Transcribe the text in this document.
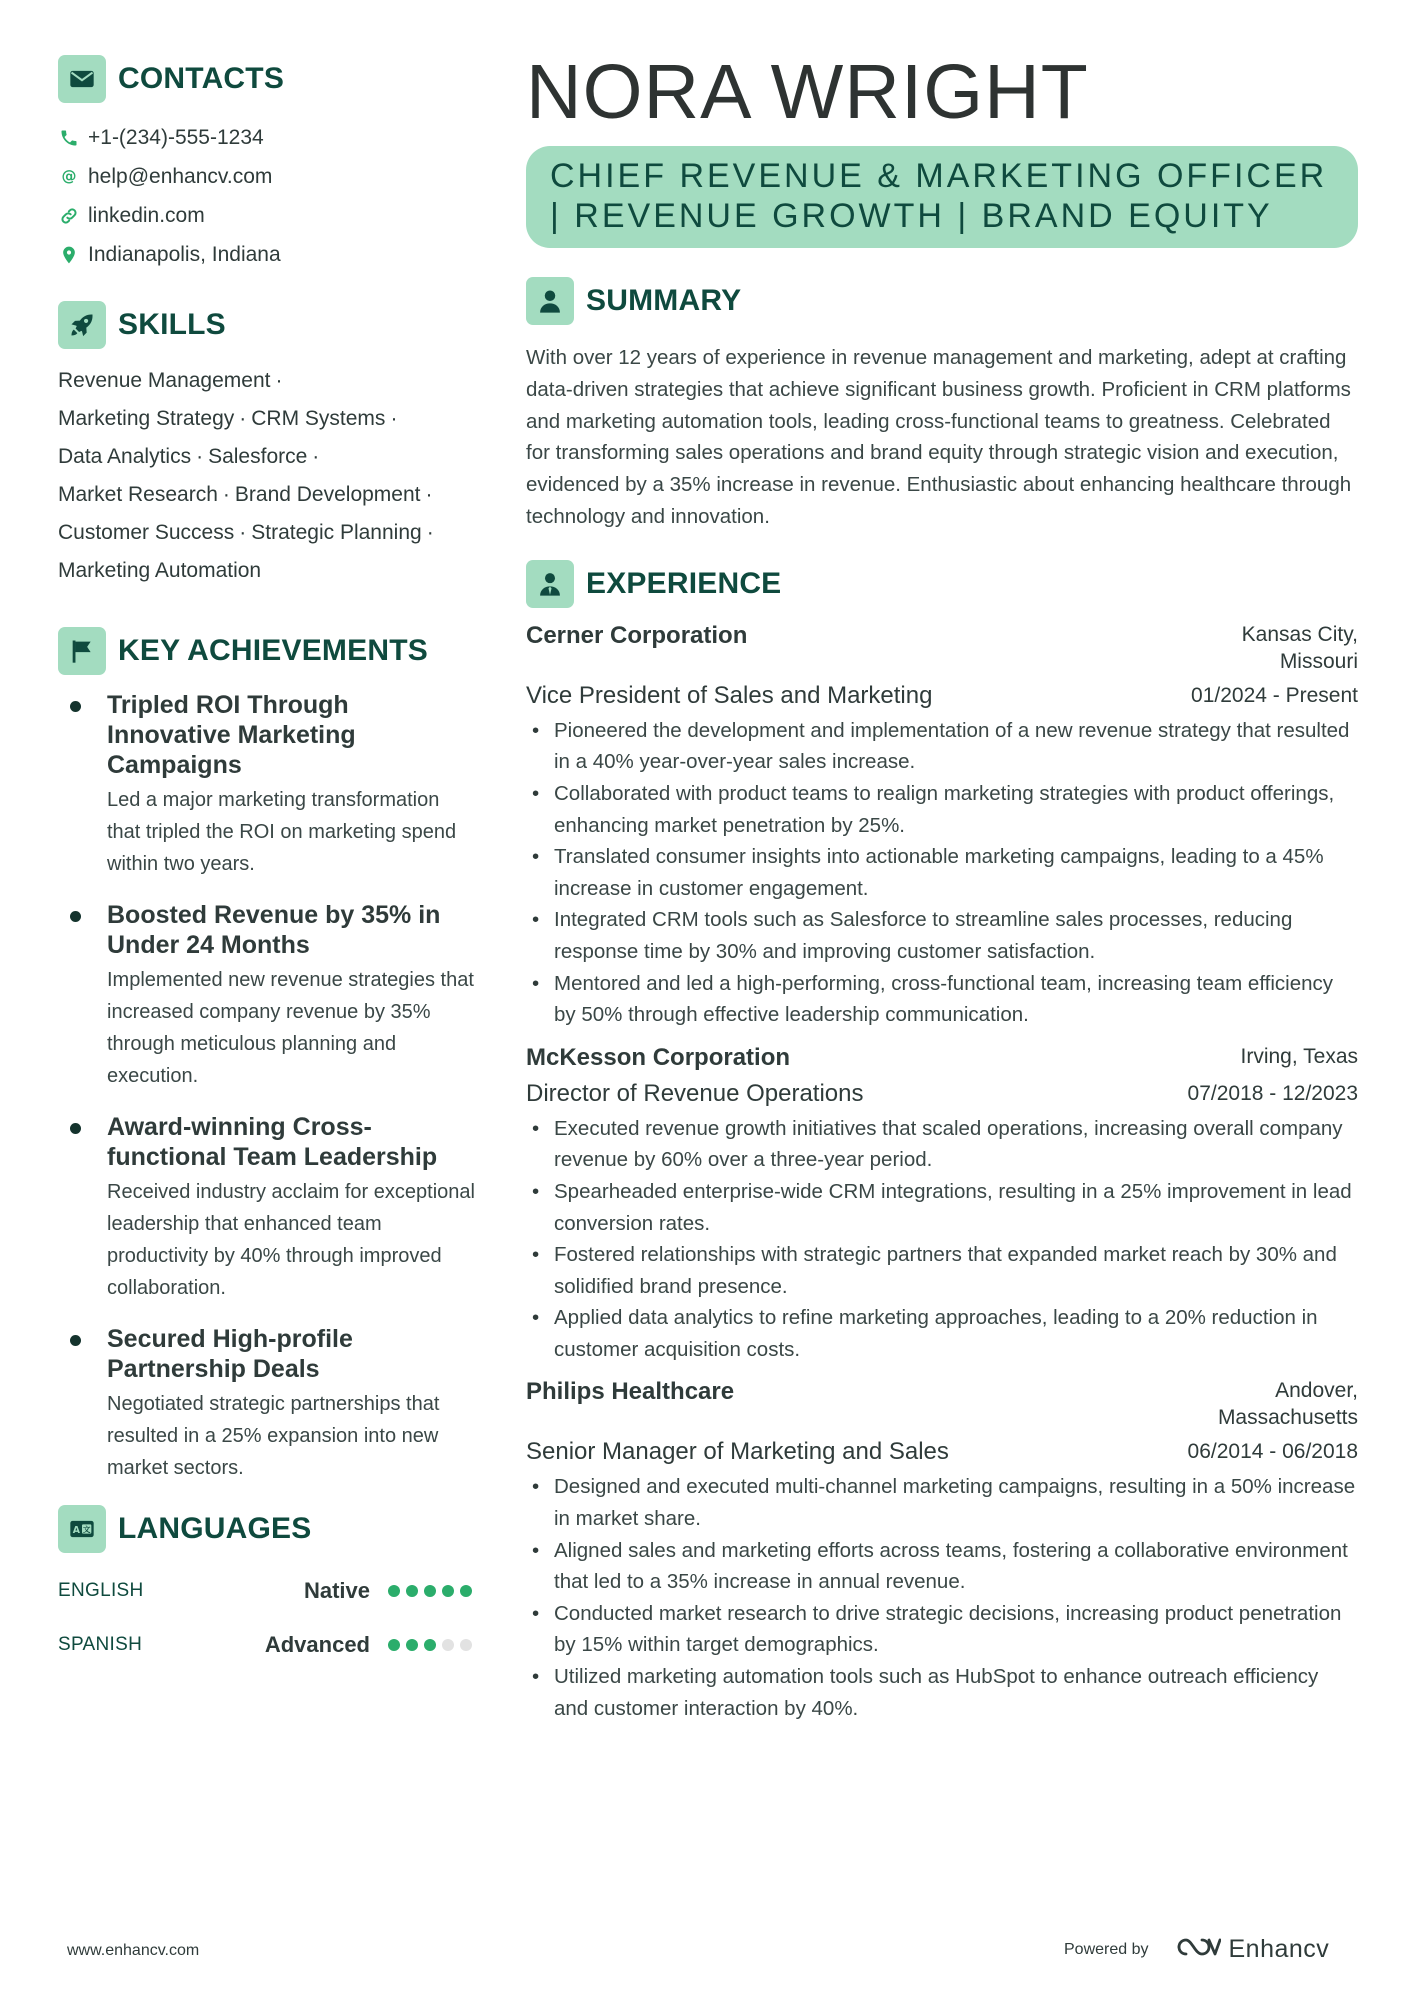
CONTACTS
+1-(234)-555-1234
@ help@enhancv.com
linkedin.com
Indianapolis, Indiana
SKILLS
Revenue Management ·
Marketing Strategy · CRM Systems ·
Data Analytics · Salesforce ·
Market Research · Brand Development ·
Customer Success · Strategic Planning ·
Marketing Automation
KEY ACHIEVEMENTS
Tripled ROI Through Innovative Marketing Campaigns
Led a major marketing transformation that tripled the ROI on marketing spend within two years.
Boosted Revenue by 35% in Under 24 Months
Implemented new revenue strategies that increased company revenue by 35% through meticulous planning and execution.
Award-winning Cross-functional Team Leadership
Received industry acclaim for exceptional leadership that enhanced team productivity by 40% through improved collaboration.
Secured High-profile Partnership Deals
Negotiated strategic partnerships that resulted in a 25% expansion into new market sectors.
A 文 LANGUAGES
ENGLISH	Native
SPANISH	Advanced
NORA WRIGHT
CHIEF REVENUE & MARKETING OFFICER | REVENUE GROWTH | BRAND EQUITY
SUMMARY
With over 12 years of experience in revenue management and marketing, adept at crafting data-driven strategies that achieve significant business growth. Proficient in CRM platforms and marketing automation tools, leading cross-functional teams to greatness. Celebrated for transforming sales operations and brand equity through strategic vision and execution, evidenced by a 35% increase in revenue. Enthusiastic about enhancing healthcare through technology and innovation.
EXPERIENCE
Cerner Corporation	Kansas City, Missouri
Vice President of Sales and Marketing	01/2024 - Present
• Pioneered the development and implementation of a new revenue strategy that resulted in a 40% year-over-year sales increase.
• Collaborated with product teams to realign marketing strategies with product offerings, enhancing market penetration by 25%.
• Translated consumer insights into actionable marketing campaigns, leading to a 45% increase in customer engagement.
• Integrated CRM tools such as Salesforce to streamline sales processes, reducing response time by 30% and improving customer satisfaction.
• Mentored and led a high-performing, cross-functional team, increasing team efficiency by 50% through effective leadership communication.
McKesson Corporation	Irving, Texas
Director of Revenue Operations	07/2018 - 12/2023
• Executed revenue growth initiatives that scaled operations, increasing overall company revenue by 60% over a three-year period.
• Spearheaded enterprise-wide CRM integrations, resulting in a 25% improvement in lead conversion rates.
• Fostered relationships with strategic partners that expanded market reach by 30% and solidified brand presence.
• Applied data analytics to refine marketing approaches, leading to a 20% reduction in customer acquisition costs.
Philips Healthcare	Andover, Massachusetts
Senior Manager of Marketing and Sales	06/2014 - 06/2018
• Designed and executed multi-channel marketing campaigns, resulting in a 50% increase in market share.
• Aligned sales and marketing efforts across teams, fostering a collaborative environment that led to a 35% increase in annual revenue.
• Conducted market research to drive strategic decisions, increasing product penetration by 15% within target demographics.
• Utilized marketing automation tools such as HubSpot to enhance outreach efficiency and customer interaction by 40%.
www.enhancv.com	Powered by	Enhancv
